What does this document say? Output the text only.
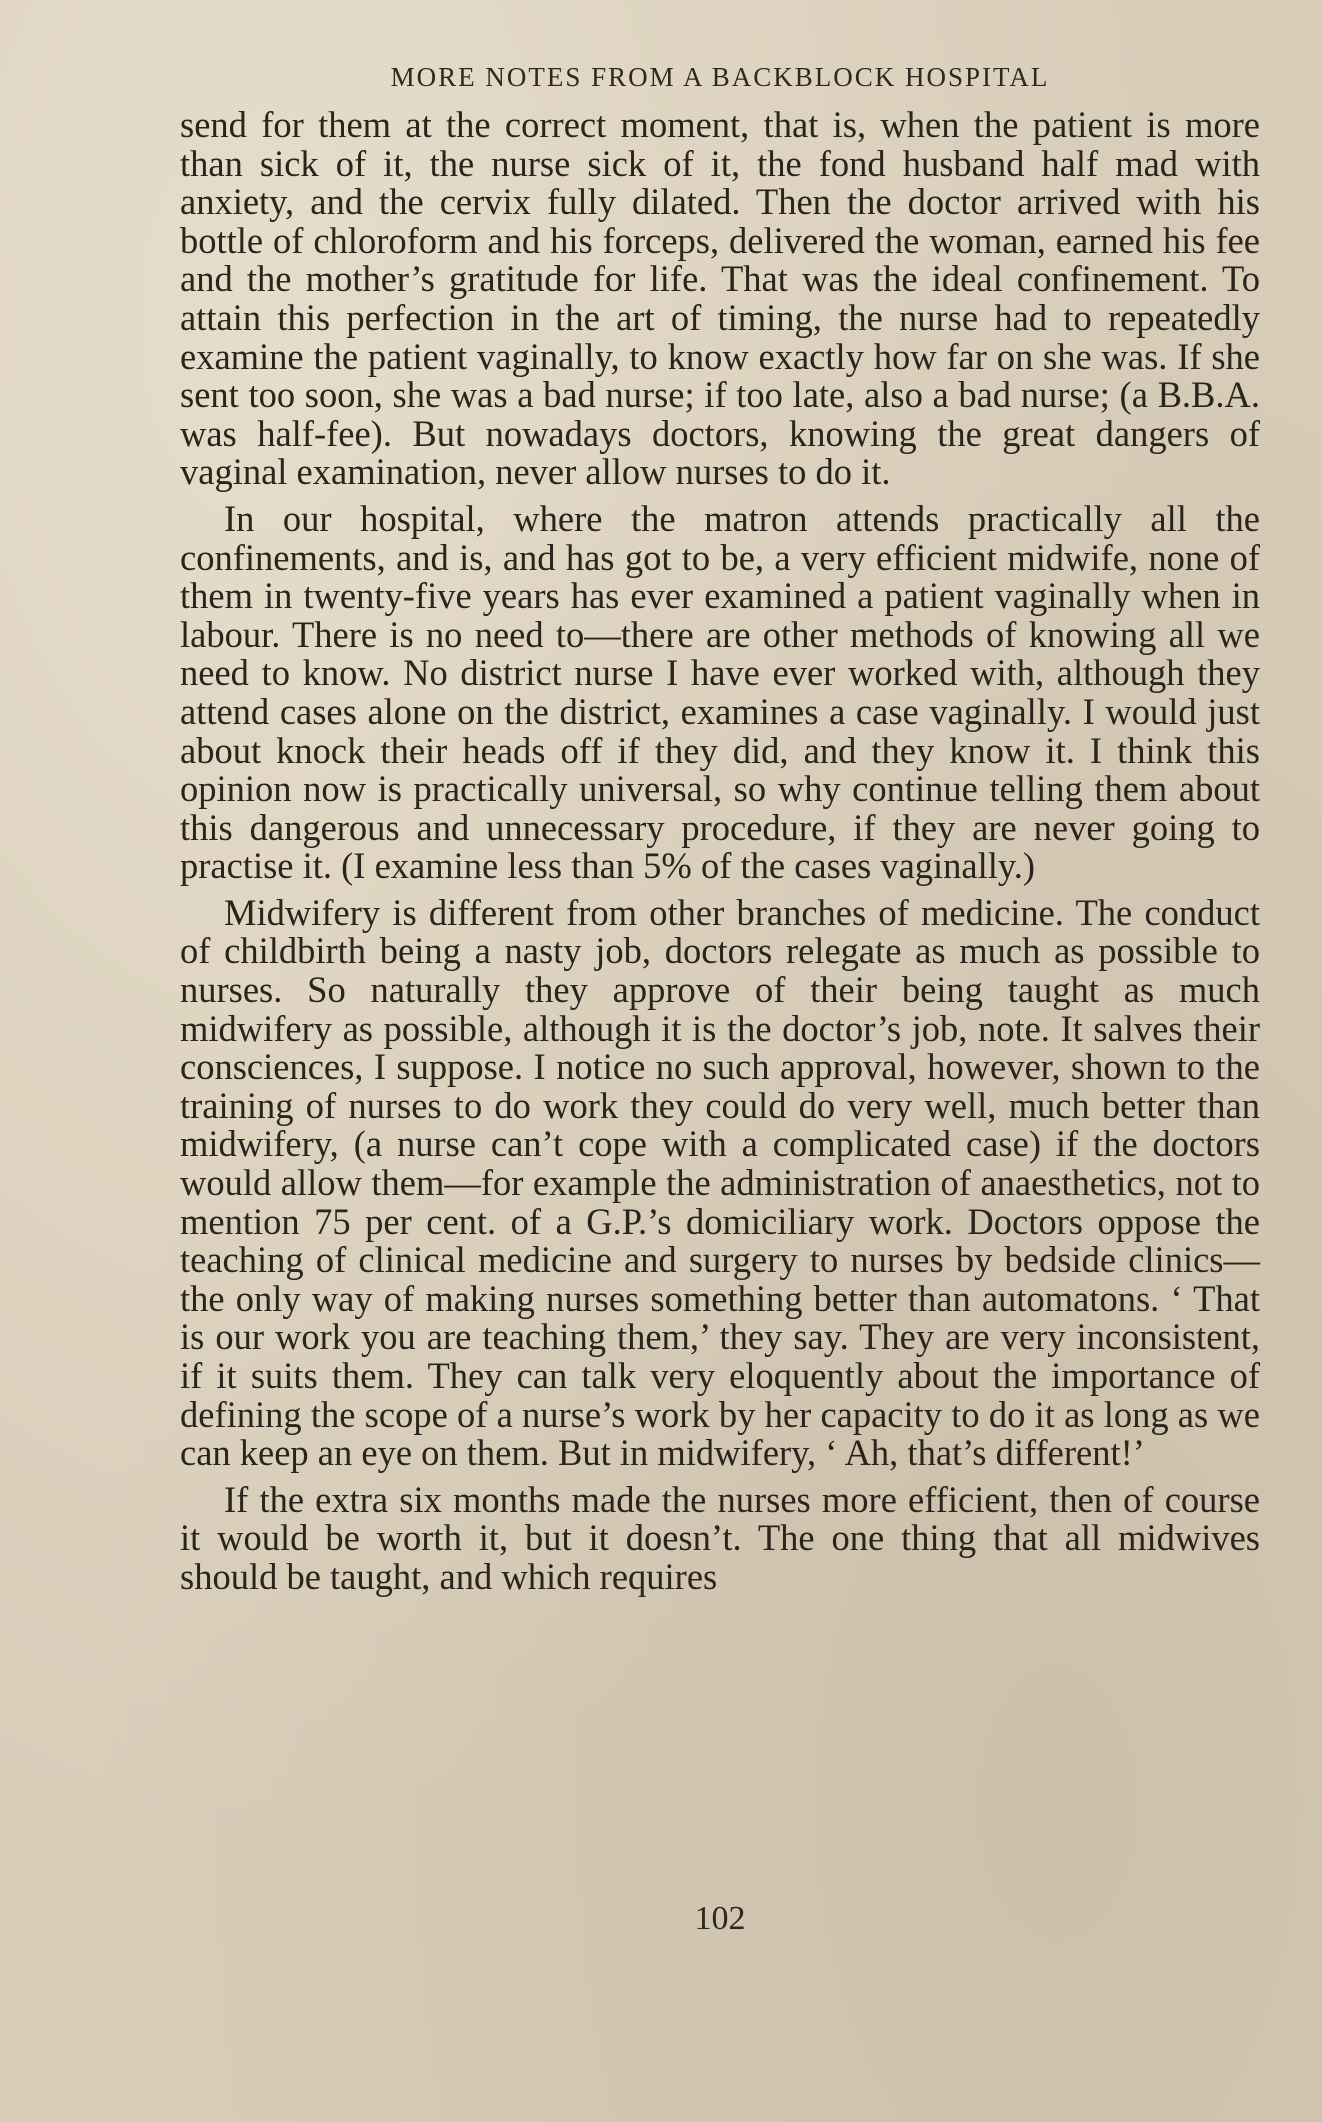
MORE NOTES FROM A BACKBLOCK HOSPITAL

send for them at the correct moment, that is, when the patient is more than sick of it, the nurse sick of it, the fond husband half mad with anxiety, and the cervix fully dilated. Then the doctor arrived with his bottle of chloroform and his forceps, delivered the woman, earned his fee and the mother’s gratitude for life. That was the ideal confinement. To attain this perfection in the art of timing, the nurse had to repeatedly examine the patient vaginally, to know exactly how far on she was. If she sent too soon, she was a bad nurse; if too late, also a bad nurse; (a B.B.A. was half-fee). But nowadays doctors, knowing the great dangers of vaginal examination, never allow nurses to do it.

In our hospital, where the matron attends practically all the confinements, and is, and has got to be, a very efficient midwife, none of them in twenty-five years has ever examined a patient vaginally when in labour. There is no need to—there are other methods of knowing all we need to know. No district nurse I have ever worked with, although they attend cases alone on the district, examines a case vaginally. I would just about knock their heads off if they did, and they know it. I think this opinion now is practically universal, so why continue telling them about this dangerous and unnecessary procedure, if they are never going to practise it. (I examine less than 5% of the cases vaginally.)

Midwifery is different from other branches of medicine. The conduct of childbirth being a nasty job, doctors relegate as much as possible to nurses. So naturally they approve of their being taught as much midwifery as possible, although it is the doctor’s job, note. It salves their consciences, I suppose. I notice no such approval, however, shown to the training of nurses to do work they could do very well, much better than midwifery, (a nurse can’t cope with a complicated case) if the doctors would allow them—for example the administration of anaesthetics, not to mention 75 per cent. of a G.P.’s domiciliary work. Doctors oppose the teaching of clinical medicine and surgery to nurses by bedside clinics—the only way of making nurses something better than automatons. ‘ That is our work you are teaching them,’ they say. They are very inconsistent, if it suits them. They can talk very eloquently about the importance of defining the scope of a nurse’s work by her capacity to do it as long as we can keep an eye on them. But in midwifery, ‘ Ah, that’s different!’

If the extra six months made the nurses more efficient, then of course it would be worth it, but it doesn’t. The one thing that all midwives should be taught, and which requires

102
